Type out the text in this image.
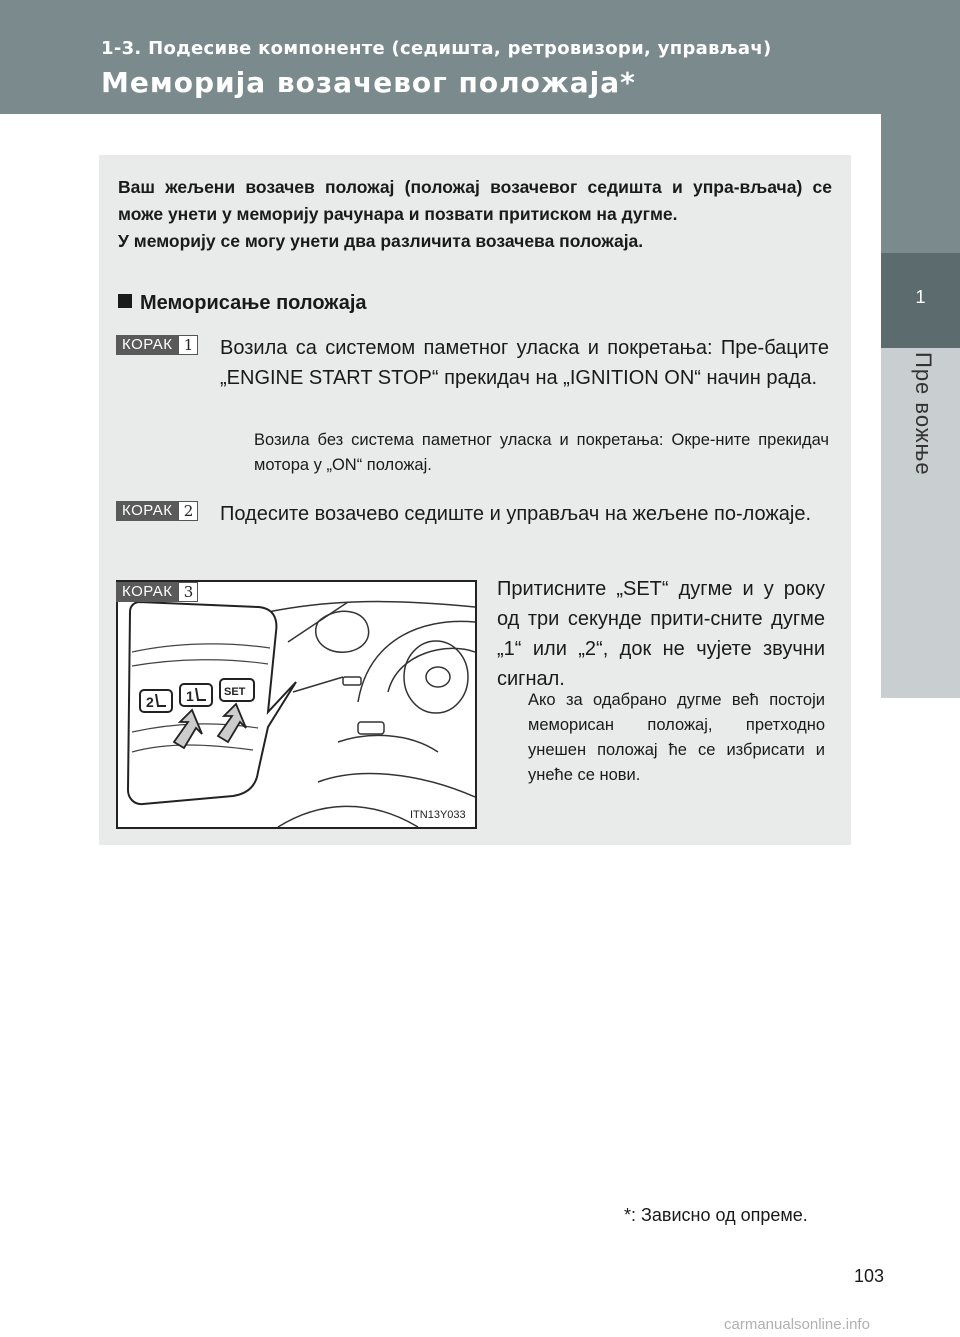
1-3. Подесиве компоненте (седишта, ретровизори, управљач)
Меморија возачевог положаја*
1
Пре вожње

Ваш жељени возачев положај (положај возачевог седишта и упра-вљача) се може унети у меморију рачунара и позвати притиском на дугме.

У меморију се могу унети два различита возачева положаја.

Меморисање положаја
КОРАК 1 Возила са системом паметног уласка и покретања: Пре-баците „ENGINE START STOP“ прекидач на „IGNITION ON“ начин рада.
Возила без система паметног уласка и покретања: Окре-ните прекидач мотора у „ON“ положај.
КОРАК 2 Подесите возачево седиште и управљач на жељене по-ложаје.
2 1	SET
ITN13Y033
КОРАК 3	Притисните „SET“ дугме и у року од три секунде прити-сните дугме „1“ или „2“, док не чујете звучни сигнал.
Ако за одабрано дугме већ постоји меморисан положај, претходно унешен положај ће се избрисати и унеће се нови.
*: Зависно од опреме.
103
carmanualsonline.info
